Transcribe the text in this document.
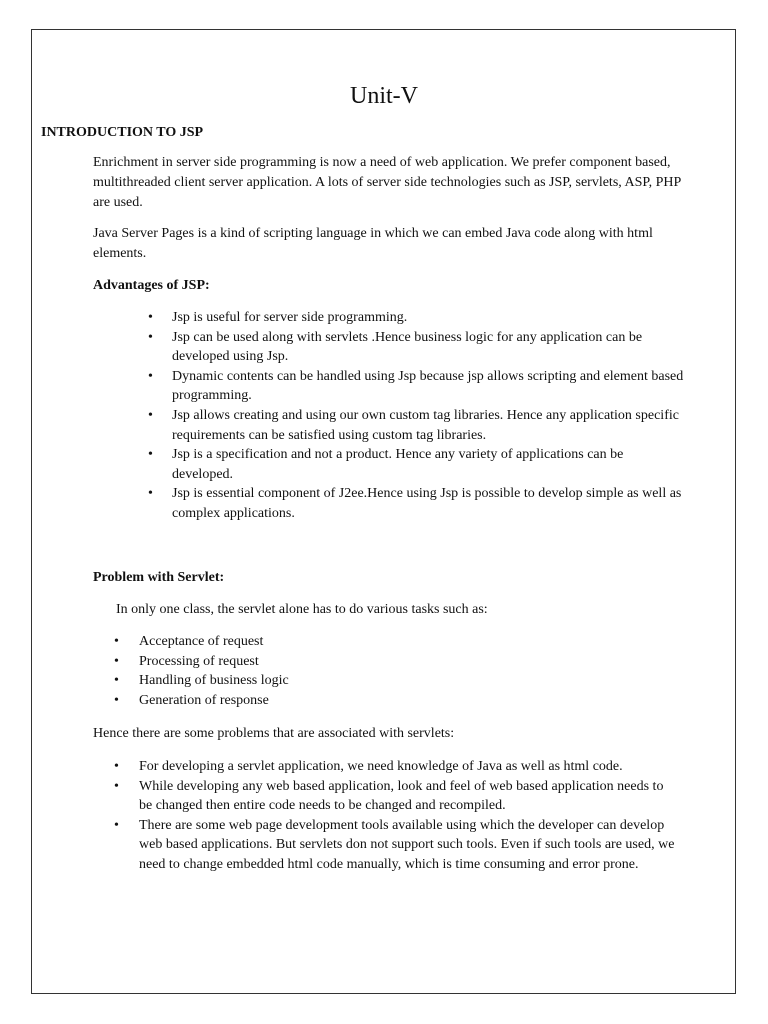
Unit-V
INTRODUCTION TO JSP

Enrichment in server side programming is now a need of web application. We prefer component based, multithreaded client server application. A lots of server side technologies such as JSP, servlets, ASP, PHP are used.

Java Server Pages is a kind of scripting language in which we can embed Java code along with html elements.

Advantages of JSP:
• Jsp is useful for server side programming.
• Jsp can be used along with servlets .Hence business logic for any application can be developed using Jsp.
• Dynamic contents can be handled using Jsp because jsp allows scripting and element based programming.
• Jsp allows creating and using our own custom tag libraries. Hence any application specific requirements can be satisfied using custom tag libraries.
• Jsp is a specification and not a product. Hence any variety of applications can be developed.
• Jsp is essential component of J2ee.Hence using Jsp is possible to develop simple as well as complex applications.
Problem with Servlet:

In only one class, the servlet alone has to do various tasks such as:

• Acceptance of request
• Processing of request
• Handling of business logic
• Generation of response

Hence there are some problems that are associated with servlets:

• For developing a servlet application, we need knowledge of Java as well as html code.
• While developing any web based application, look and feel of web based application needs to be changed then entire code needs to be changed and recompiled.
• There are some web page development tools available using which the developer can develop web based applications. But servlets don not support such tools. Even if such tools are used, we need to change embedded html code manually, which is time consuming and error prone.
